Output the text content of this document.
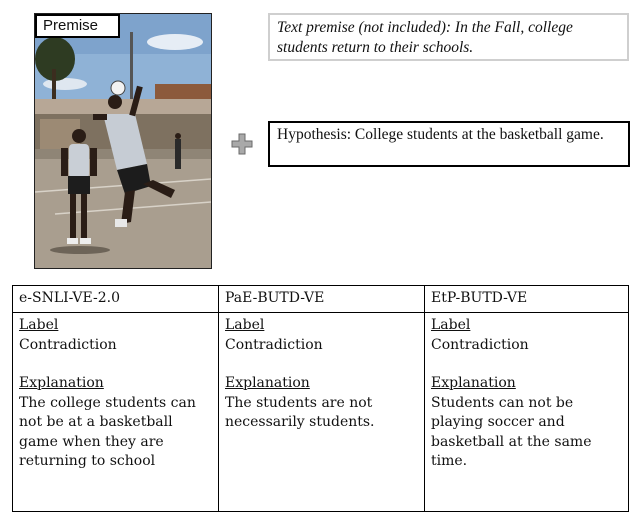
Premise	Text premise (not included): In the Fall, college students return to their schools.
Hypothesis: College students at the basketball game.
e-SNLI-VE-2.0	PaE-BUTD-VE	EtP-BUTD-VE

Label
Contradiction
Explanation
The college students can not be at a basketball game when they are returning to school	Label
Contradiction
Explanation
The students are not necessarily students.	Label
Contradiction
Explanation
Students can not be playing soccer and basketball at the same time.
